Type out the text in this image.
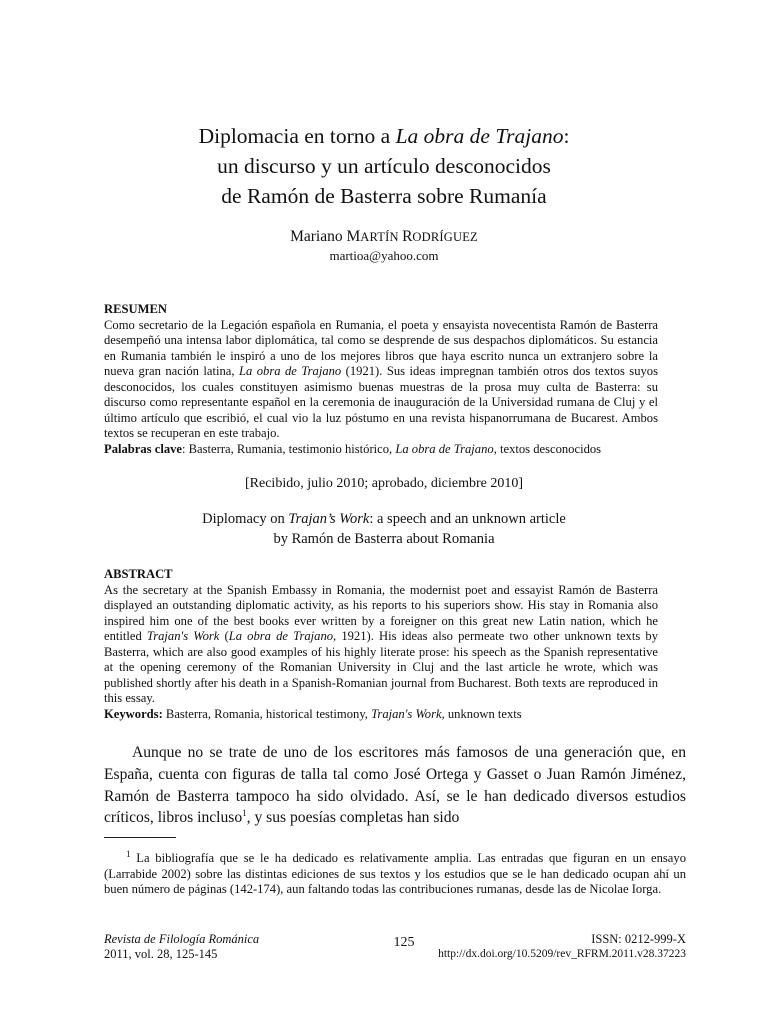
Diplomacia en torno a La obra de Trajano:
un discurso y un artículo desconocidos
de Ramón de Basterra sobre Rumanía
Mariano MARTÍN RODRÍGUEZ
martioa@yahoo.com
RESUMEN

Como secretario de la Legación española en Rumania, el poeta y ensayista novecentista Ramón de Basterra desempeñó una intensa labor diplomática, tal como se desprende de sus despachos diplomáticos. Su estancia en Rumania también le inspiró a uno de los mejores libros que haya escrito nunca un extranjero sobre la nueva gran nación latina, La obra de Trajano (1921). Sus ideas impregnan también otros dos textos suyos desconocidos, los cuales constituyen asimismo buenas muestras de la prosa muy culta de Basterra: su discurso como representante español en la ceremonia de inauguración de la Universidad rumana de Cluj y el último artículo que escribió, el cual vio la luz póstumo en una revista hispanorrumana de Bucarest. Ambos textos se recuperan en este trabajo.

Palabras clave: Basterra, Rumania, testimonio histórico, La obra de Trajano, textos desconocidos

[Recibido, julio 2010; aprobado, diciembre 2010]
Diplomacy on Trajan’s Work: a speech and an unknown article
by Ramón de Basterra about Romania
ABSTRACT

As the secretary at the Spanish Embassy in Romania, the modernist poet and essayist Ramón de Basterra displayed an outstanding diplomatic activity, as his reports to his superiors show. His stay in Romania also inspired him one of the best books ever written by a foreigner on this great new Latin nation, which he entitled Trajan's Work (La obra de Trajano, 1921). His ideas also permeate two other unknown texts by Basterra, which are also good examples of his highly literate prose: his speech as the Spanish representative at the opening ceremony of the Romanian University in Cluj and the last article he wrote, which was published shortly after his death in a Spanish-Romanian journal from Bucharest. Both texts are reproduced in this essay.

Keywords: Basterra, Romania, historical testimony, Trajan's Work, unknown texts

Aunque no se trate de uno de los escritores más famosos de una generación que, en España, cuenta con figuras de talla tal como José Ortega y Gasset o Juan Ramón Jiménez, Ramón de Basterra tampoco ha sido olvidado. Así, se le han dedicado diversos estudios críticos, libros incluso$^1$, y sus poesías completas han sido

$^1$ La bibliografía que se le ha dedicado es relativamente amplia. Las entradas que figuran en un ensayo (Larrabide 2002) sobre las distintas ediciones de sus textos y los estudios que se le han dedicado ocupan ahí un buen número de páginas (142-174), aun faltando todas las contribuciones rumanas, desde las de Nicolae Iorga.

Revista de Filología Románica
2011, vol. 28, 125-145
125	ISSN: 0212-999-X
http://dx.doi.org/10.5209/rev_RFRM.2011.v28.37223
